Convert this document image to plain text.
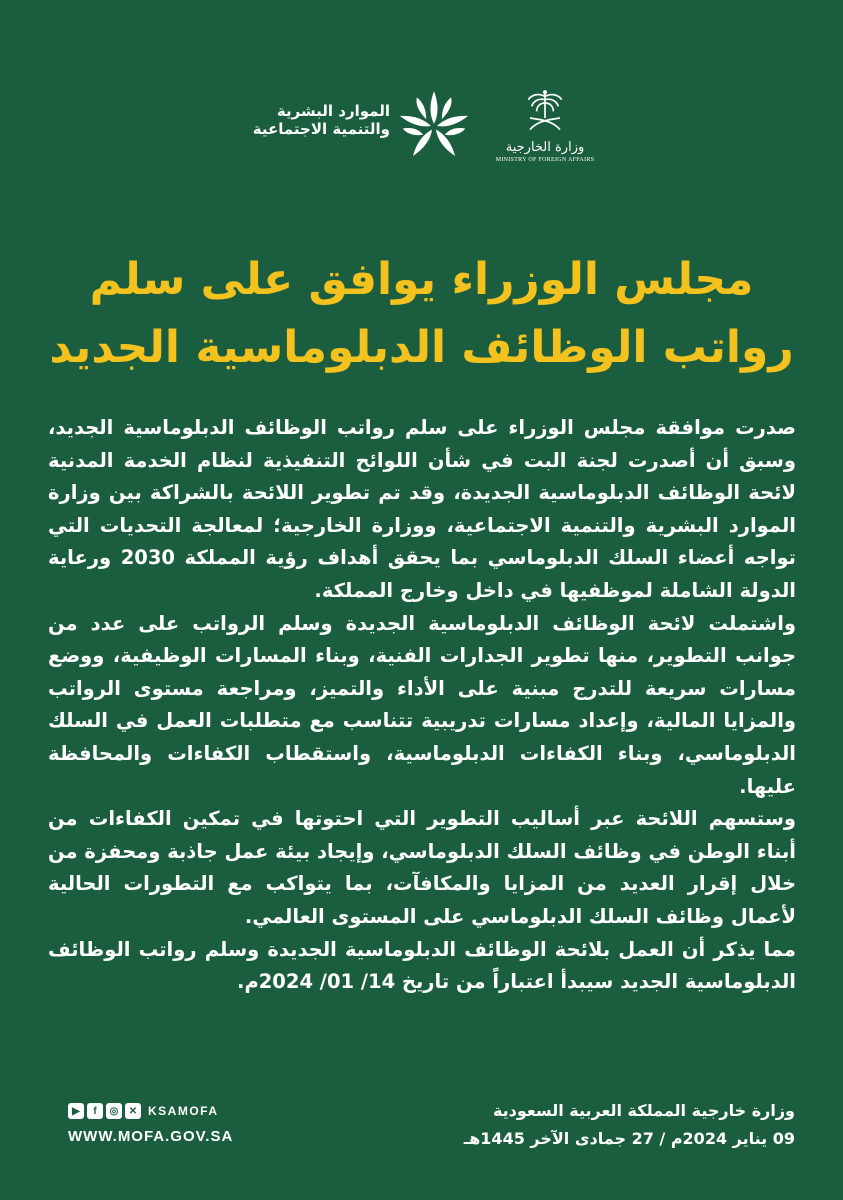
الموارد البشرية
والتنمية الاجتماعية
وزارة الخارجية
MINISTRY OF FOREIGN AFFAIRS
مجلس الوزراء يوافق على سلم
رواتب الوظائف الدبلوماسية الجديد

صدرت موافقة مجلس الوزراء على سلم رواتب الوظائف الدبلوماسية الجديد، وسبق أن أصدرت لجنة البت في شأن اللوائح التنفيذية لنظام الخدمة المدنية لائحة الوظائف الدبلوماسية الجديدة، وقد تم تطوير اللائحة بالشراكة بين وزارة الموارد البشرية والتنمية الاجتماعية، ووزارة الخارجية؛ لمعالجة التحديات التي تواجه أعضاء السلك الدبلوماسي بما يحقق أهداف رؤية المملكة 2030 ورعاية الدولة الشاملة لموظفيها في داخل وخارج المملكة.

واشتملت لائحة الوظائف الدبلوماسية الجديدة وسلم الرواتب على عدد من جوانب التطوير، منها تطوير الجدارات الفنية، وبناء المسارات الوظيفية، ووضع مسارات سريعة للتدرج مبنية على الأداء والتميز، ومراجعة مستوى الرواتب والمزايا المالية، وإعداد مسارات تدريبية تتناسب مع متطلبات العمل في السلك الدبلوماسي، وبناء الكفاءات الدبلوماسية، واستقطاب الكفاءات والمحافظة عليها.

وستسهم اللائحة عبر أساليب التطوير التي احتوتها في تمكين الكفاءات من أبناء الوطن في وظائف السلك الدبلوماسي، وإيجاد بيئة عمل جاذبة ومحفزة من خلال إقرار العديد من المزايا والمكافآت، بما يتواكب مع التطورات الحالية لأعمال وظائف السلك الدبلوماسي على المستوى العالمي.

مما يذكر أن العمل بلائحة الوظائف الدبلوماسية الجديدة وسلم رواتب الوظائف الدبلوماسية الجديد سيبدأ اعتباراً من تاريخ 14/ 01/ 2024م.

وزارة خارجية المملكة العربية السعودية
09 يناير 2024م / 27 جمادى الآخر 1445هـ
▶	f	◎	✕ KSAMOFA
WWW.MOFA.GOV.SA
